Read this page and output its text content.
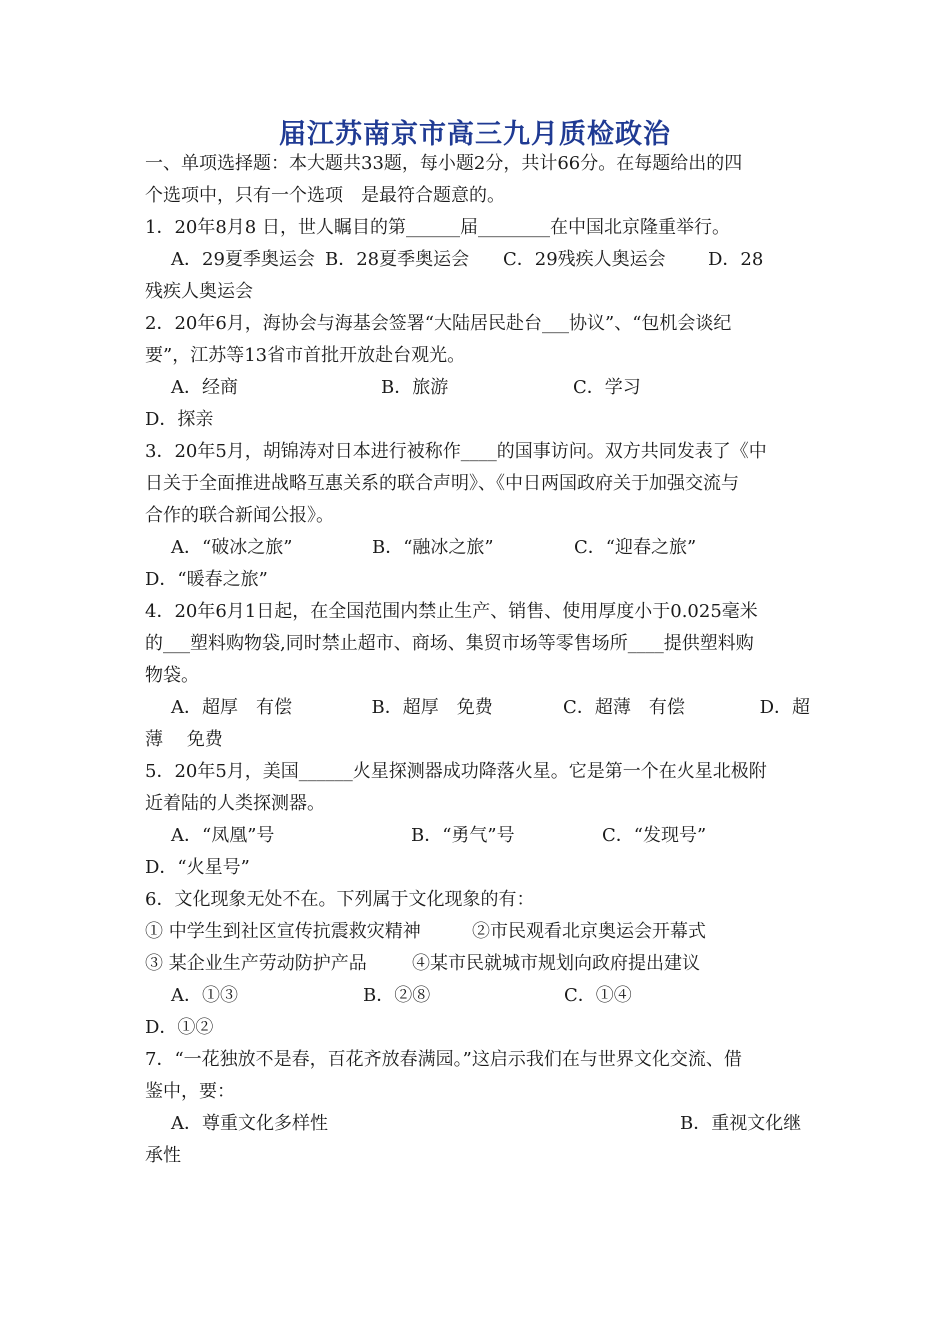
届江苏南京市高三九月质检政治
一、单项选择题：本大题共33题，每小题2分，共计66分。在每题给出的四
个选项中，只有一个选项　是最符合题意的。
1．20年8月8 日，世人瞩目的第______届________在中国北京隆重举行。
A．29夏季奥运会 B．28夏季奥运会	C．29残疾人奥运会	D．28
残疾人奥运会
2．20年6月，海协会与海基会签署“大陆居民赴台___协议”、“包机会谈纪
要”，江苏等13省市首批开放赴台观光。
A．经商	B．旅游	C．学习
D．探亲
3．20年5月，胡锦涛对日本进行被称作____的国事访问。双方共同发表了《中
日关于全面推进战略互惠关系的联合声明》、《中日两国政府关于加强交流与
合作的联合新闻公报》。
A．“破冰之旅”	B．“融冰之旅”	C．“迎春之旅”
D．“暖春之旅”
4．20年6月1日起，在全国范围内禁止生产、销售、使用厚度小于0.025毫米
的___塑料购物袋,同时禁止超市、商场、集贸市场等零售场所____提供塑料购
物袋。
A．超厚　有偿	B．超厚　免费	C．超薄　有偿	D．超
薄　 免费
5．20年5月，美国______火星探测器成功降落火星。它是第一个在火星北极附
近着陆的人类探测器。
A．“凤凰”号	B．“勇气”号	C．“发现号”
D．“火星号”
6．文化现象无处不在。下列属于文化现象的有：
① 中学生到社区宣传抗震救灾精神	②市民观看北京奥运会开幕式
③ 某企业生产劳动防护产品	④某市民就城市规划向政府提出建议
A．①③	B．②⑧	C．①④
D．①②
7．“一花独放不是春，百花齐放春满园。”这启示我们在与世界文化交流、借
鉴中，要：
A．尊重文化多样性	B．重视文化继
承性
